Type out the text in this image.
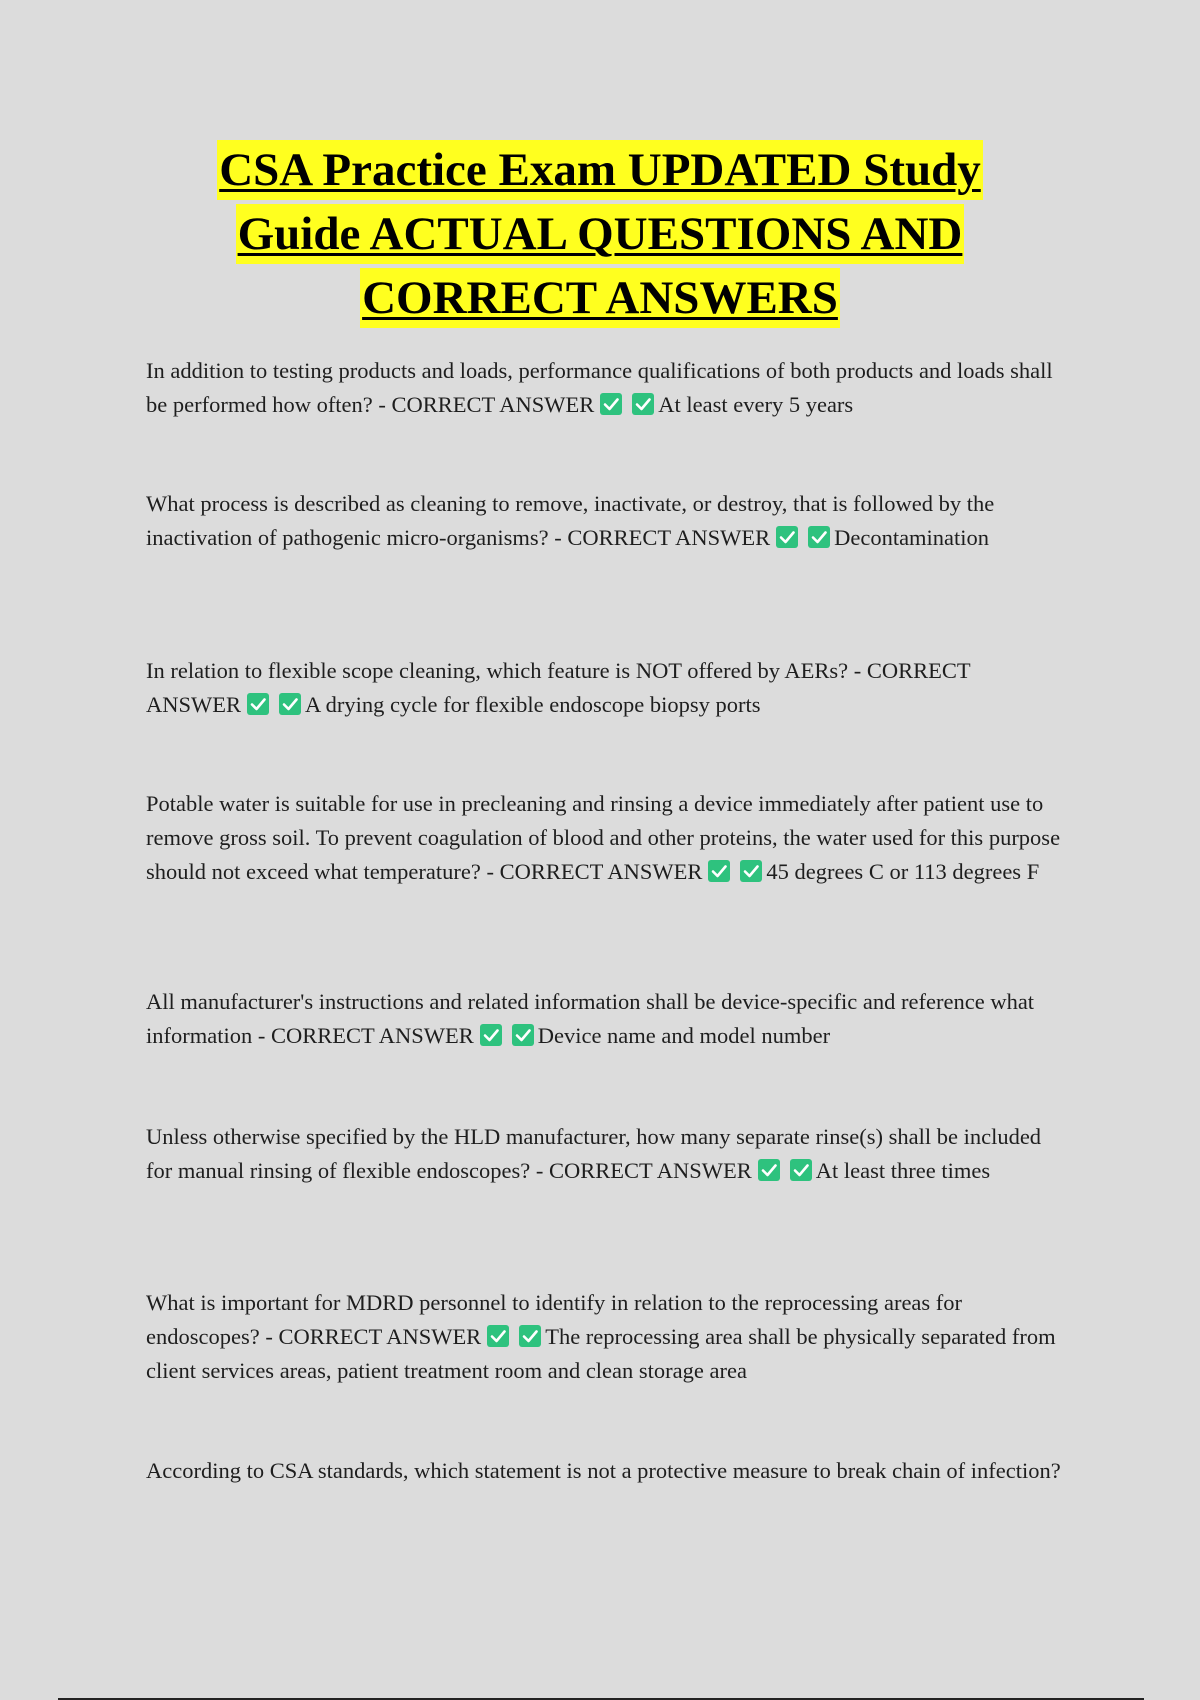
CSA Practice Exam UPDATED Study
Guide ACTUAL QUESTIONS AND
CORRECT ANSWERS
In addition to testing products and loads, performance qualifications of both products and loads shall be performed how often? - CORRECT ANSWER	At least every 5 years
What process is described as cleaning to remove, inactivate, or destroy, that is followed by the inactivation of pathogenic micro-organisms? - CORRECT ANSWER	Decontamination
In relation to flexible scope cleaning, which feature is NOT offered by AERs? - CORRECT ANSWER	A drying cycle for flexible endoscope biopsy ports
Potable water is suitable for use in precleaning and rinsing a device immediately after patient use to remove gross soil. To prevent coagulation of blood and other proteins, the water used for this purpose should not exceed what temperature? - CORRECT ANSWER	45 degrees C or 113 degrees F
All manufacturer's instructions and related information shall be device-specific and reference what information - CORRECT ANSWER	Device name and model number
Unless otherwise specified by the HLD manufacturer, how many separate rinse(s) shall be included for manual rinsing of flexible endoscopes? - CORRECT ANSWER	At least three times
What is important for MDRD personnel to identify in relation to the reprocessing areas for endoscopes? - CORRECT ANSWER	The reprocessing area shall be physically separated from client services areas, patient treatment room and clean storage area
According to CSA standards, which statement is not a protective measure to break chain of infection?
